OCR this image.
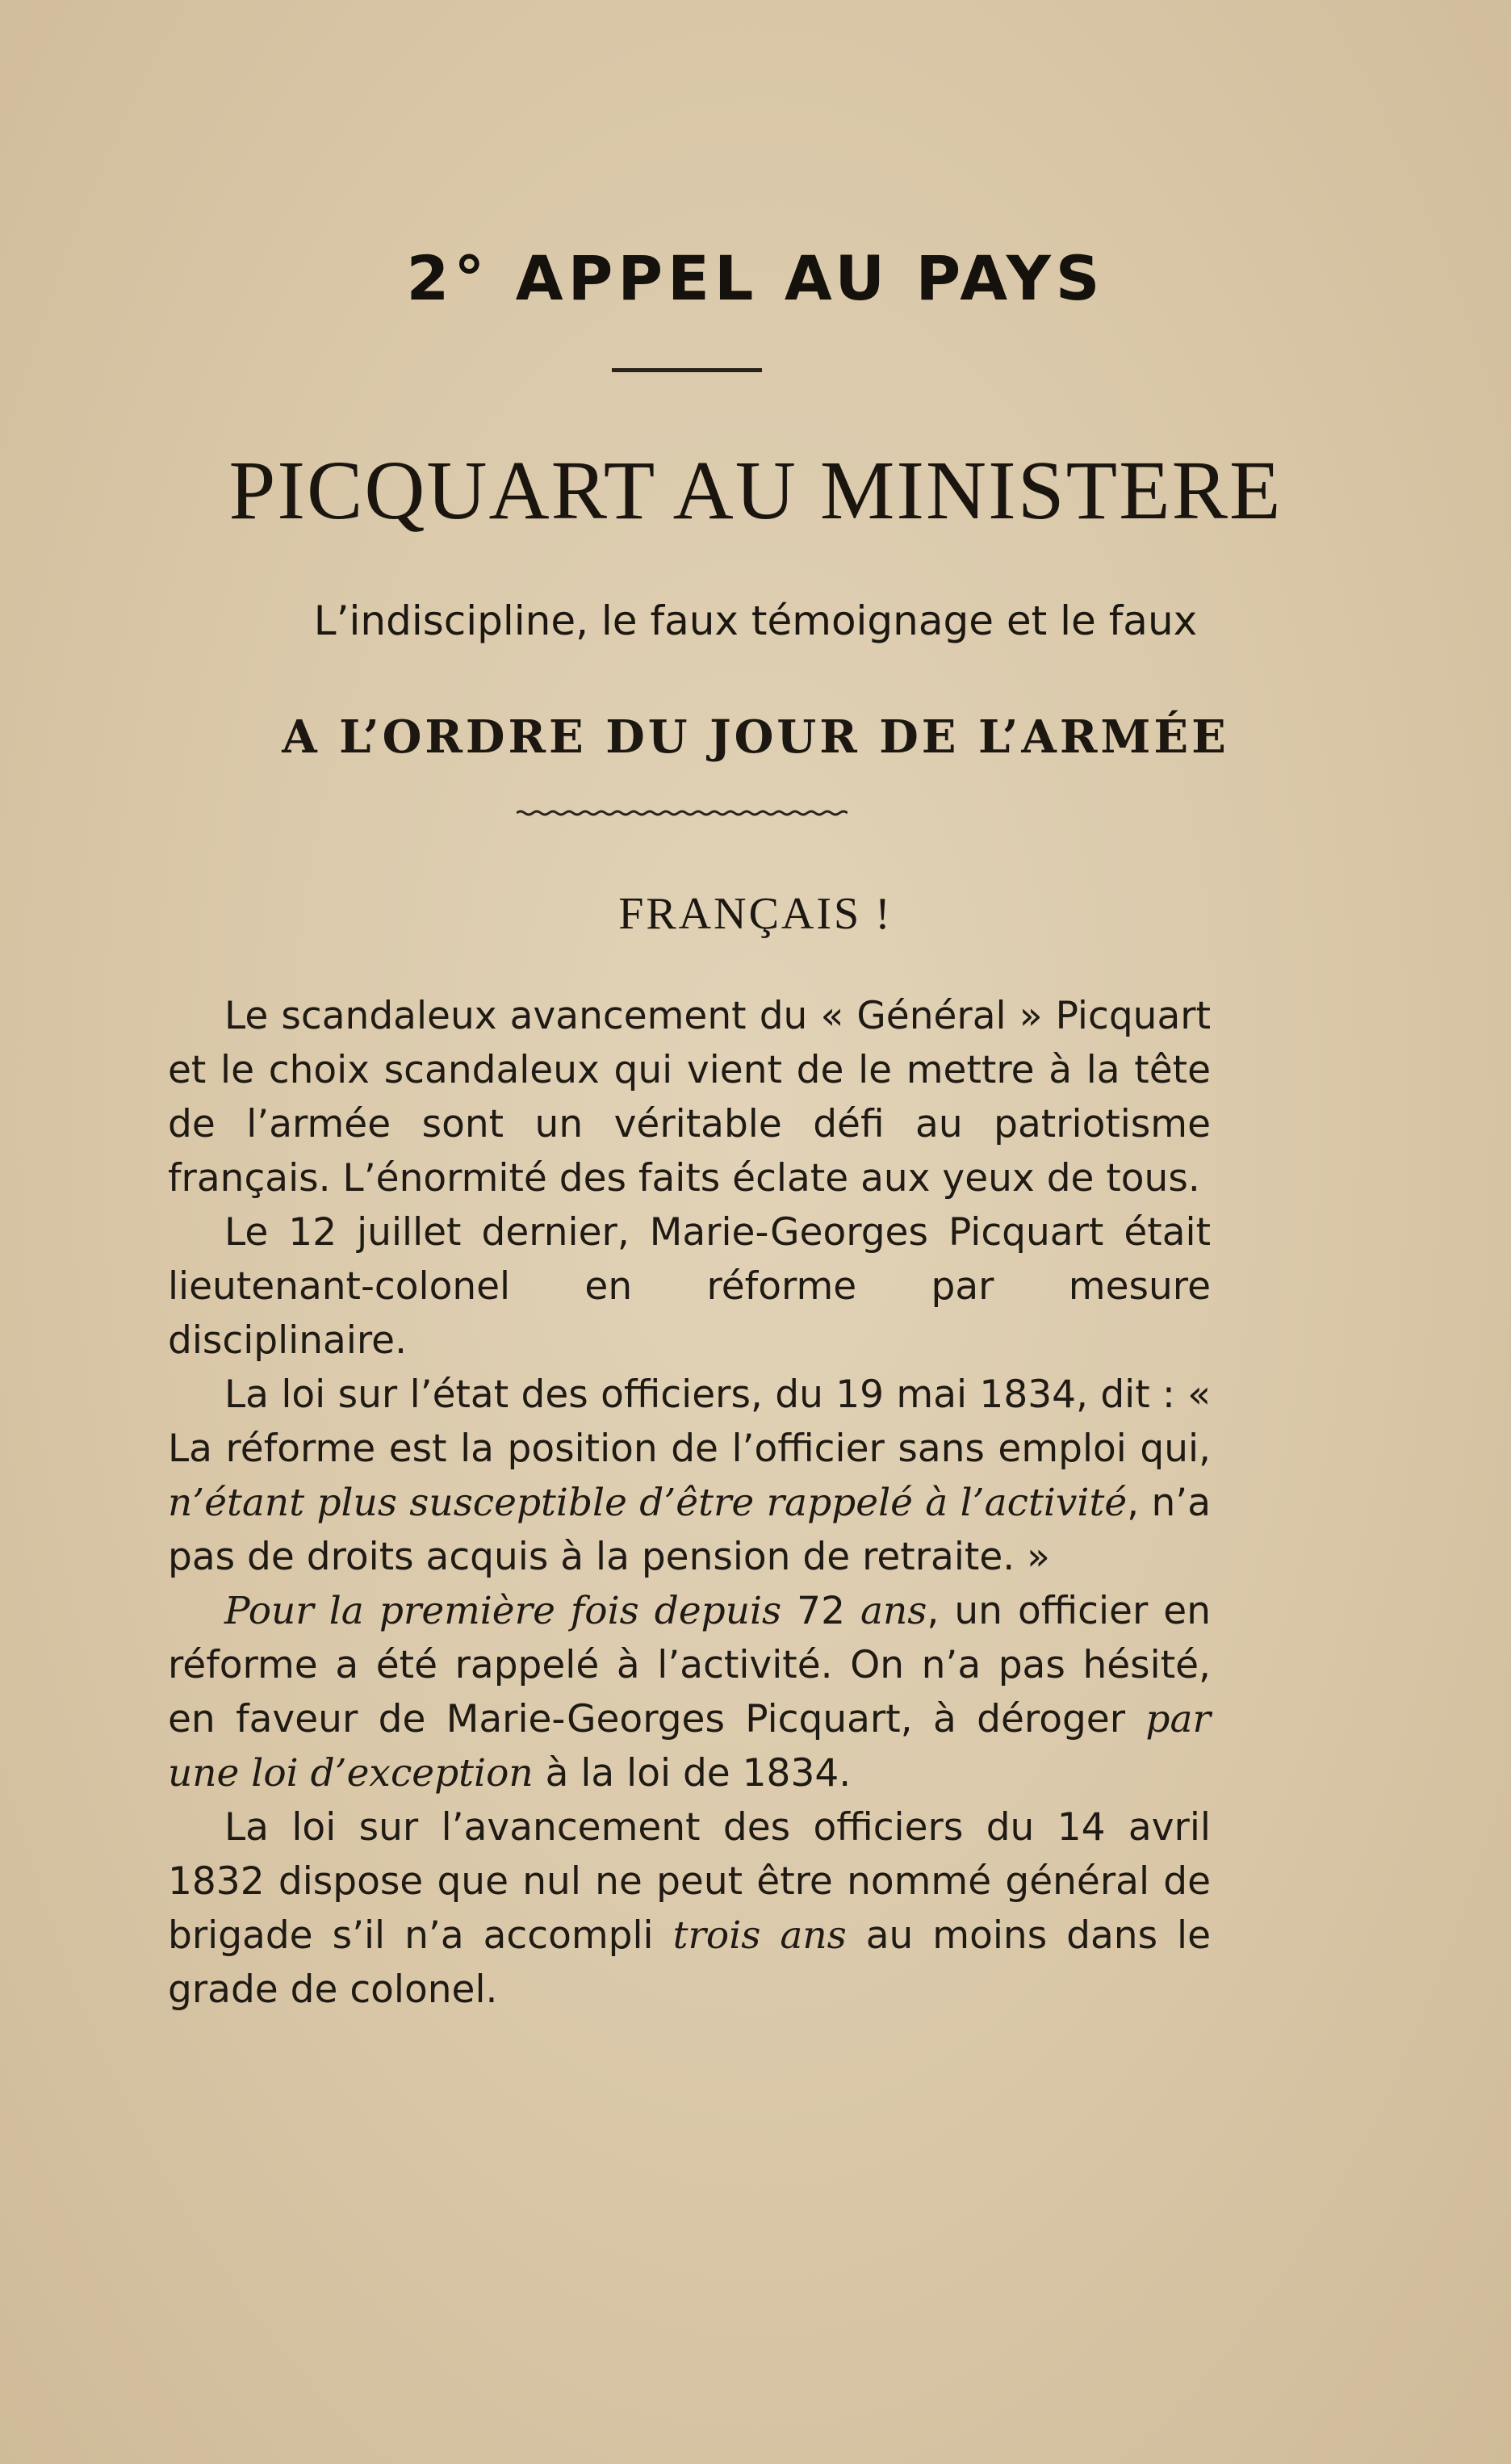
2° APPEL AU PAYS
PICQUART AU MINISTERE
L’indiscipline, le faux témoignage et le faux
A L’ORDRE DU JOUR DE L’ARMÉE
FRANÇAIS !

Le scandaleux avancement du « Général » Picquart et le choix scandaleux qui vient de le mettre à la tête de l’armée sont un véritable défi au patriotisme français. L’énormité des faits éclate aux yeux de tous.

Le 12 juillet dernier, Marie-Georges Picquart était lieutenant-colonel en réforme par mesure disciplinaire.

La loi sur l’état des officiers, du 19 mai 1834, dit : « La réforme est la position de l’officier sans emploi qui, n’étant plus susceptible d’être rappelé à l’activité, n’a pas de droits acquis à la pension de retraite. »

Pour la première fois depuis 72 ans, un officier en réforme a été rappelé à l’activité. On n’a pas hésité, en faveur de Marie-Georges Picquart, à déroger par une loi d’exception à la loi de 1834.

La loi sur l’avancement des officiers du 14 avril 1832 dispose que nul ne peut être nommé général de brigade s’il n’a accompli trois ans au moins dans le grade de colonel.
